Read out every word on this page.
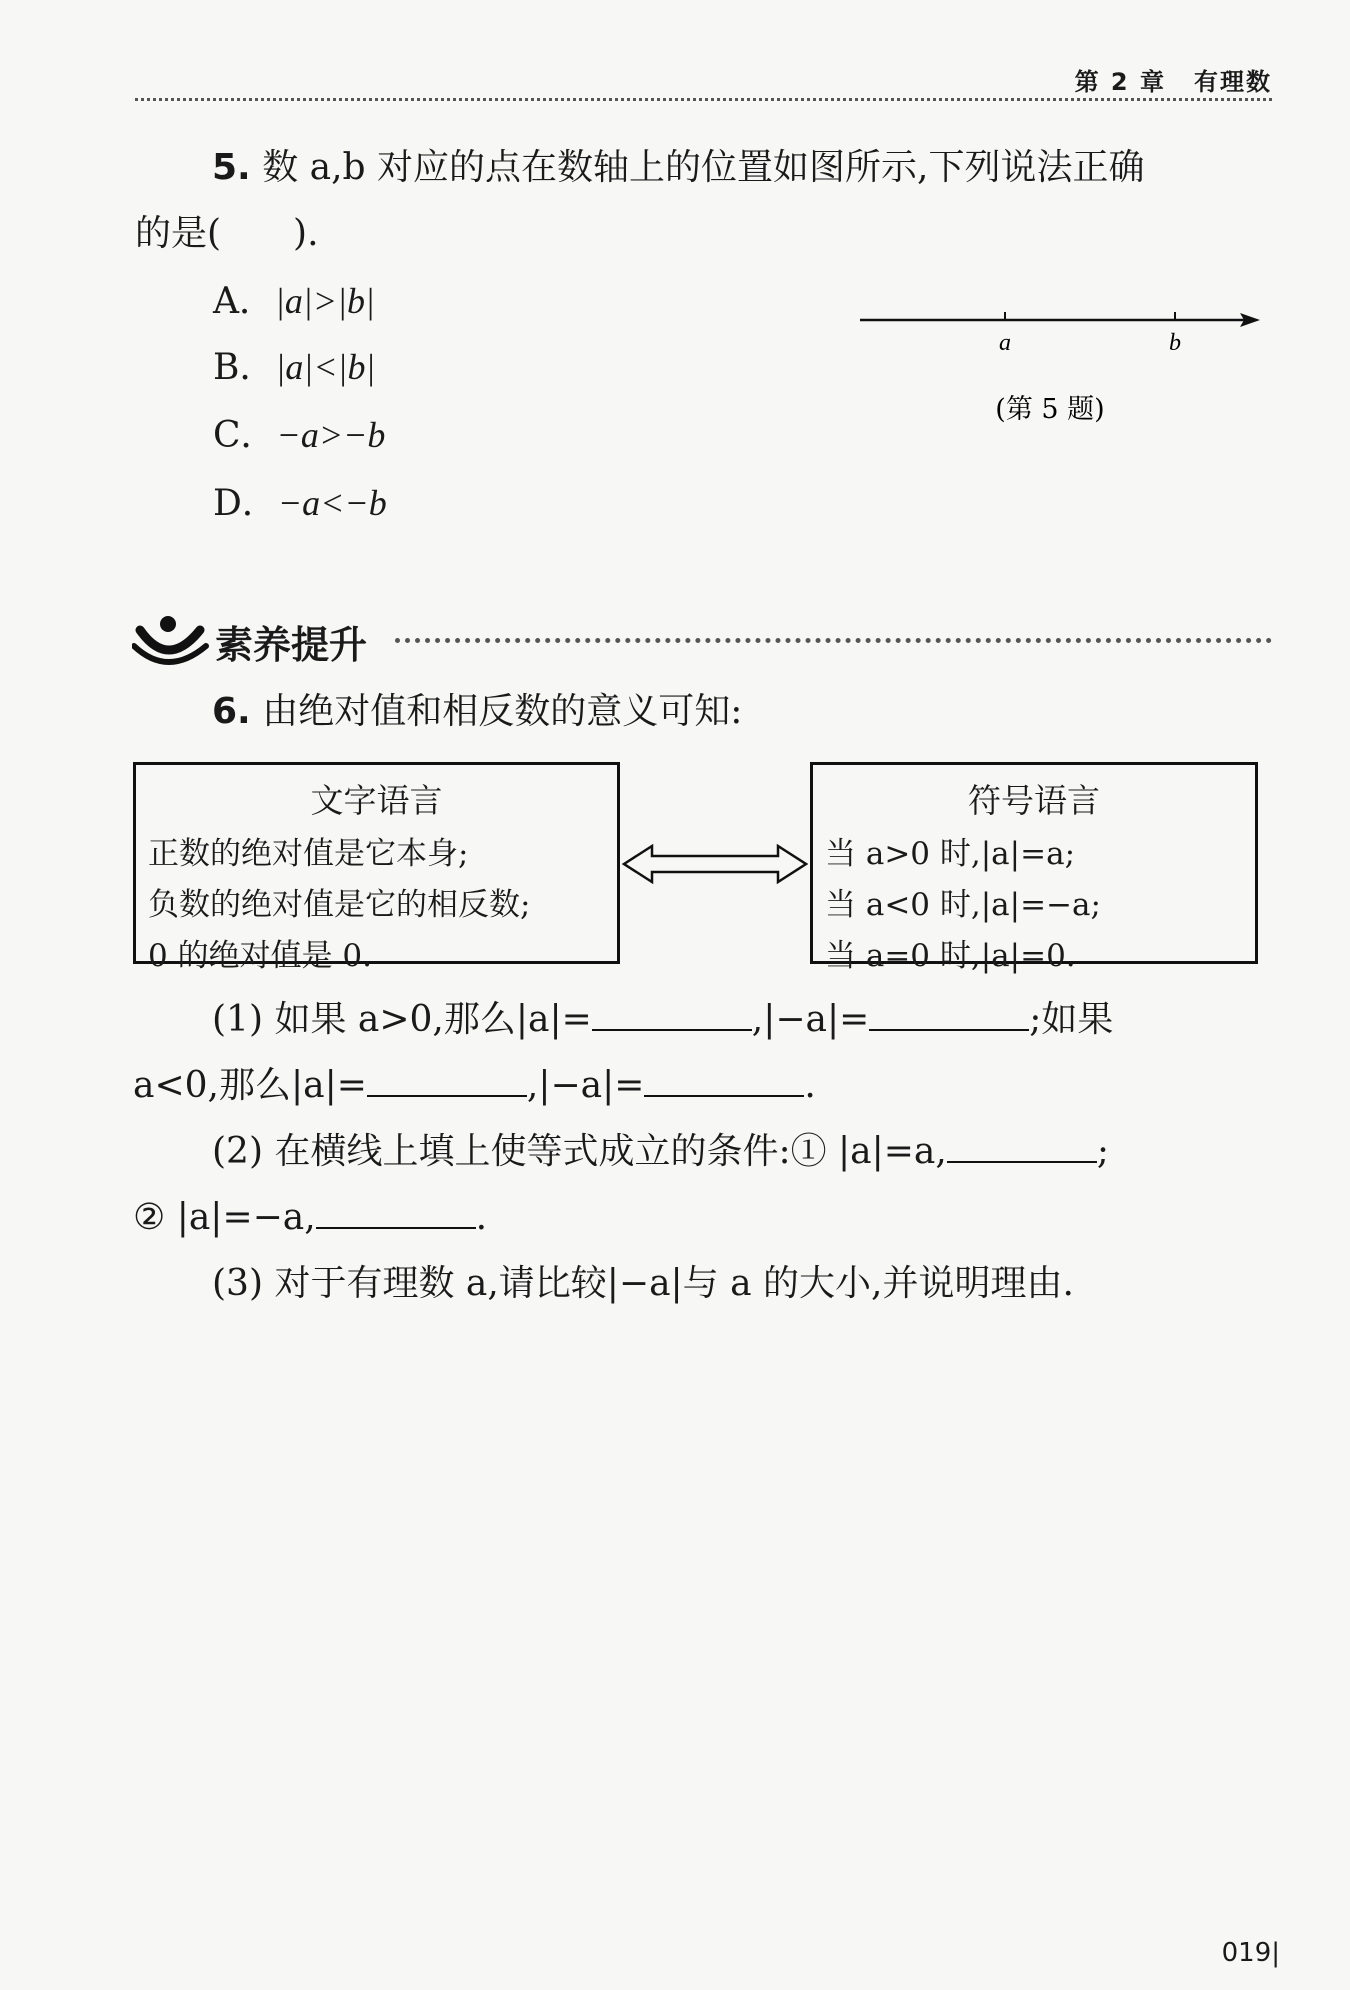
第 2 章 有理数
5. 数 a,b 对应的点在数轴上的位置如图所示,下列说法正确
的是(　　).
A．|a|>|b|
B．|a|<|b|
C．−a>−b
D．−a<−b
a	b
(第 5 题)
素养提升
6. 由绝对值和相反数的意义可知:
文字语言
正数的绝对值是它本身;
负数的绝对值是它的相反数;
0 的绝对值是 0.
符号语言
当 a>0 时,|a|=a;
当 a<0 时,|a|=−a;
当 a=0 时,|a|=0.
(1) 如果 a>0,那么|a|=	,|−a|=	;如果
a<0,那么|a|=	,|−a|=	.
(2) 在横线上填上使等式成立的条件:① |a|=a,	;
② |a|=−a,	.
(3) 对于有理数 a,请比较|−a|与 a 的大小,并说明理由.
019|
